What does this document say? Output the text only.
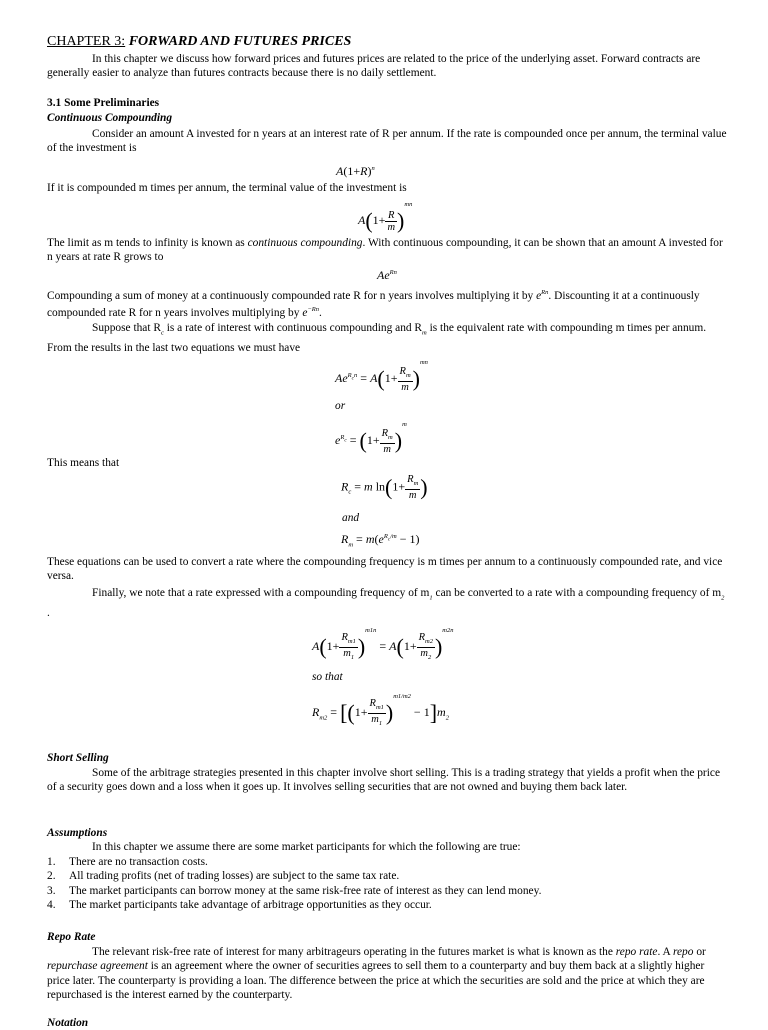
CHAPTER 3: FORWARD AND FUTURES PRICES
In this chapter we discuss how forward prices and futures prices are related to the price of the underlying asset. Forward contracts are generally easier to analyze than futures contracts because there is no daily settlement.
3.1 Some Preliminaries
Continuous Compounding
Consider an amount A invested for n years at an interest rate of R per annum. If the rate is compounded once per annum, the terminal value of the investment is
$A(1+R)^n$
If it is compounded m times per annum, the terminal value of the investment is
$A(1+ \frac{R}{m} )^{mn}$
The limit as m tends to infinity is known as continuous compounding. With continuous compounding, it can be shown that an amount A invested for n years at rate R grows to
$Ae^{Rn}$
Compounding a sum of money at a continuously compounded rate R for n years involves multiplying it by $e^{Rn}$. Discounting it at a continuously compounded rate R for n years involves multiplying by $e^{-Rn}$.
Suppose that $R_c$ is a rate of interest with continuous compounding and $R_m$ is the equivalent rate with compounding m times per annum. From the results in the last two equations we must have
$Ae^{R_cn} = A(1+ \frac{R_m}{m} )^{mn}$
or
$e^{R_c} = (1+ \frac{R_m}{m} )^m$
This means that
$R_c = m$ $\ln(1+ \frac{R_m}{m}$ )
and
$R_m = m(e^{R_c/m} - 1)$
These equations can be used to convert a rate where the compounding frequency is m times per annum to a continuously compounded rate, and vice versa.
Finally, we note that a rate expressed with a compounding frequency of $m_1$ can be converted to a rate with a compounding frequency of $m_2$ .
$A(1+ \frac{R_{m1}}{m_1} )^{m1n} = A(1+ \frac{R_{m2}}{m_2} )^{m2n}$
so that
$R_{m2} = [(1+ \frac{R_{m1}}{m_1} )^{m1/m2} - 1]m_2$
Short Selling
Some of the arbitrage strategies presented in this chapter involve short selling. This is a trading strategy that yields a profit when the price of a security goes down and a loss when it goes up. It involves selling securities that are not owned and buying them back later.
Assumptions
In this chapter we assume there are some market participants for which the following are true:
1. There are no transaction costs.
2. All trading profits (net of trading losses) are subject to the same tax rate.
3. The market participants can borrow money at the same risk-free rate of interest as they can lend money.
4. The market participants take advantage of arbitrage opportunities as they occur.
Repo Rate
The relevant risk-free rate of interest for many arbitrageurs operating in the futures market is what is known as the repo rate. A repo or repurchase agreement is an agreement where the owner of securities agrees to sell them to a counterparty and buy them back at a slightly higher price later. The counterparty is providing a loan. The difference between the price at which the securities are sold and the price at which they are repurchased is the interest earned by the counterparty.
Notation
